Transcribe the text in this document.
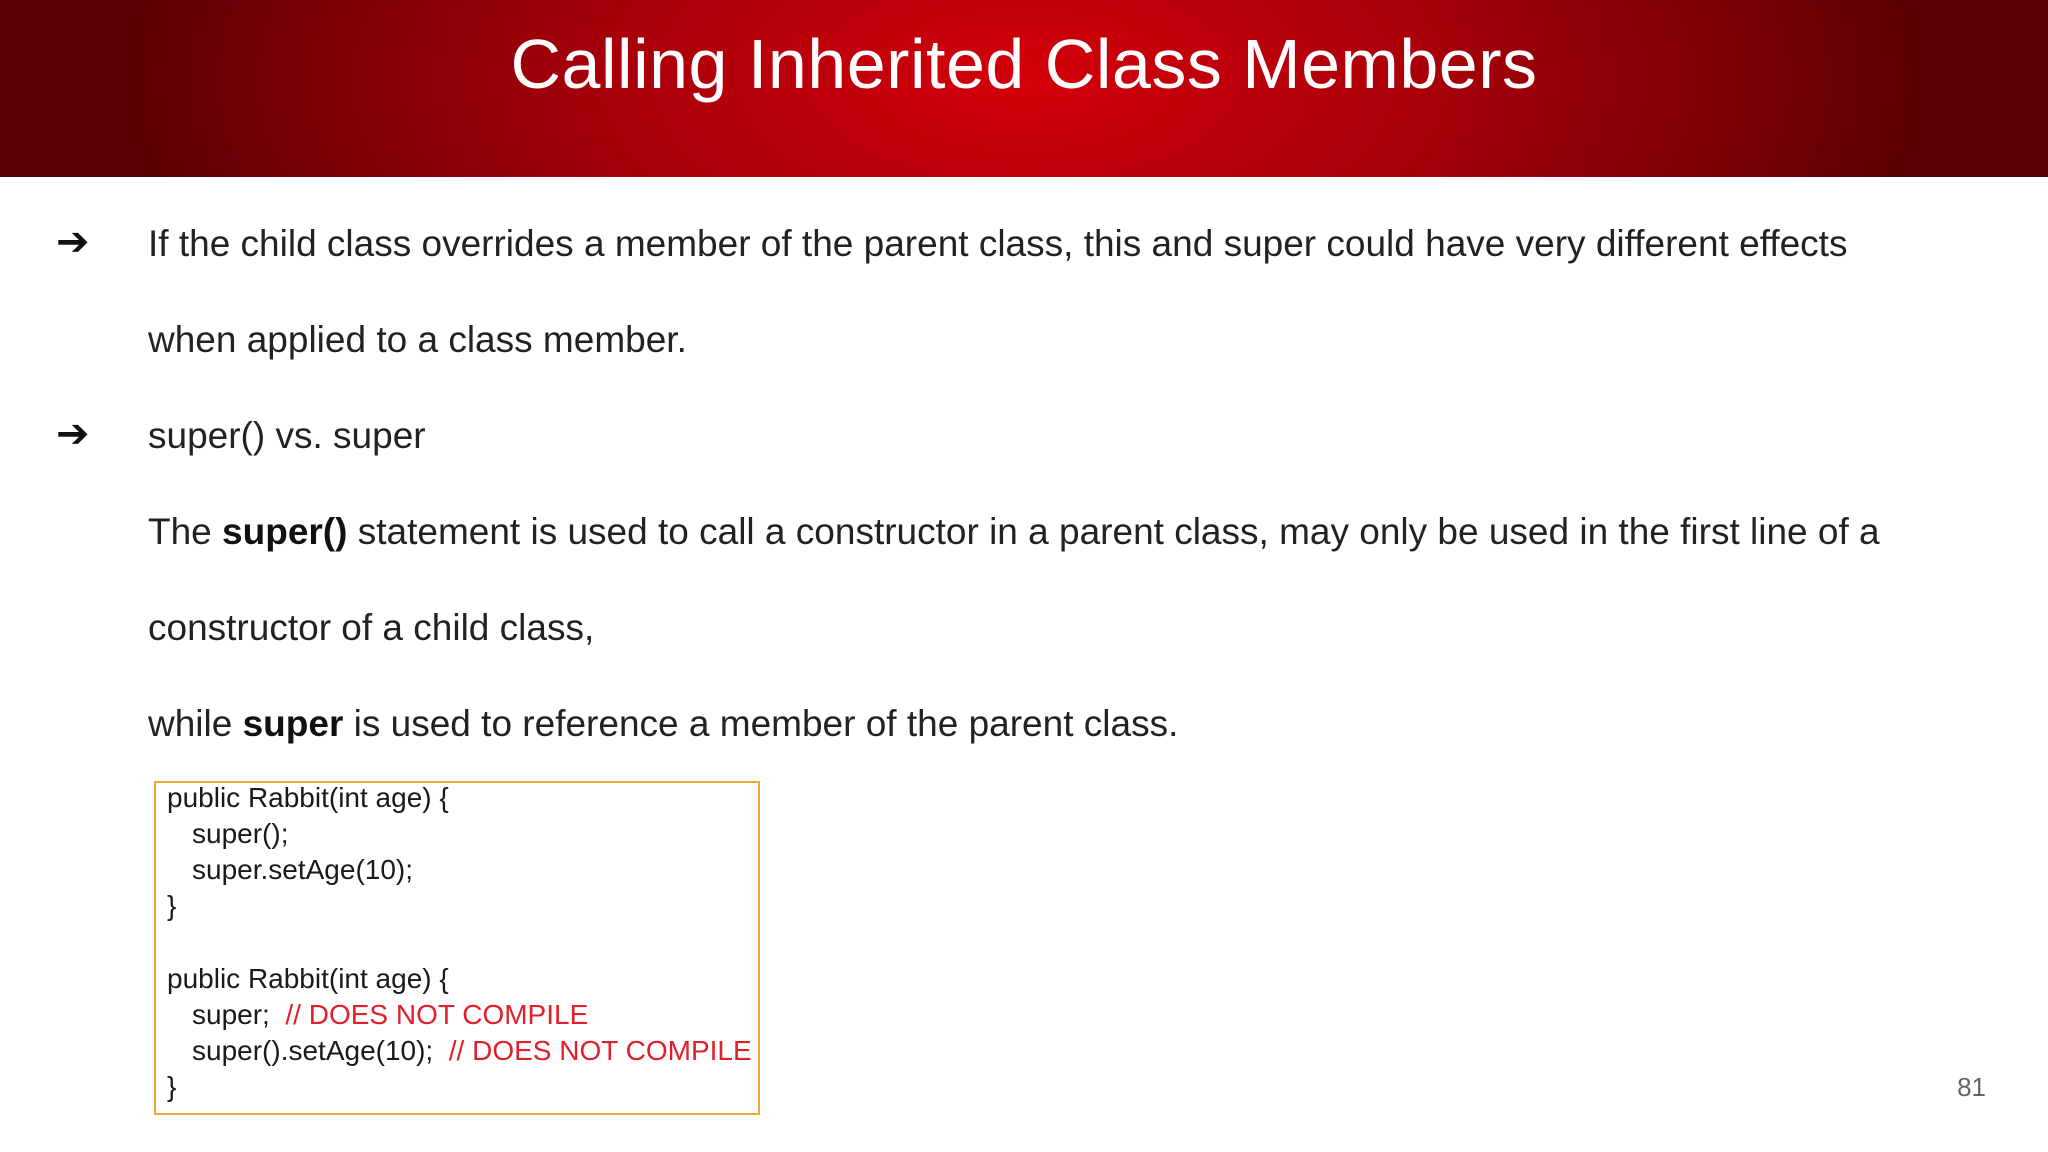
Calling Inherited Class Members
➔ If the child class overrides a member of the parent class, this and super could have very different effects
when applied to a class member.
➔ super() vs. super
The super() statement is used to call a constructor in a parent class, may only be used in the first line of a
constructor of a child class,
while super is used to reference a member of the parent class.
public Rabbit(int age) {
super();
super.setAge(10);
}
public Rabbit(int age) {
super; // DOES NOT COMPILE
super().setAge(10); // DOES NOT COMPILE
}	81
